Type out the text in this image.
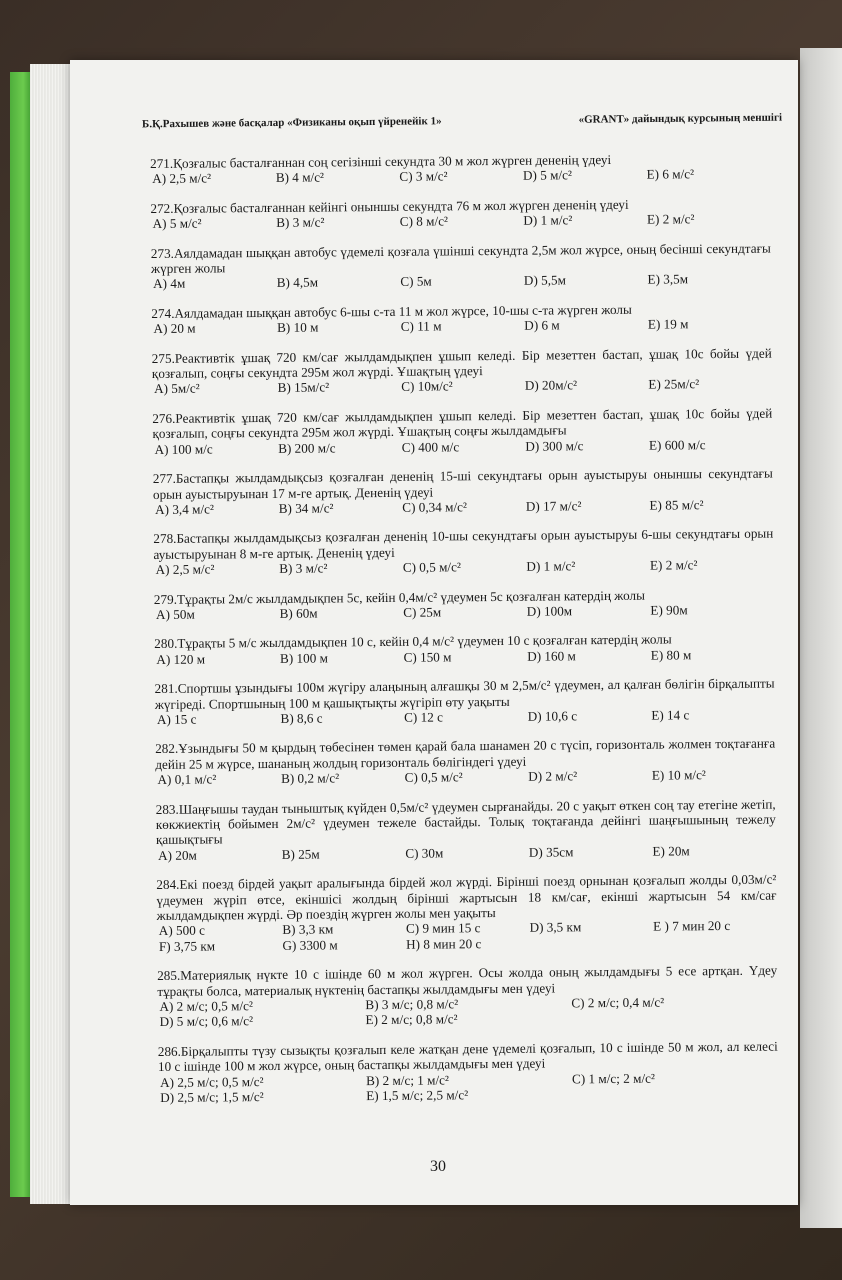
Б.Қ.Рахышев және басқалар «Физиканы оқып үйренейік 1»	«GRANT» дайындық курсының меншігі
271.Қозғалыс басталғаннан соң сегізінші секундта 30 м жол жүрген дененің үдеуі
A) 2,5 м/с²	B) 4 м/с²	C) 3 м/с²	D) 5 м/с²	E) 6 м/с²
272.Қозғалыс басталғаннан кейінгі оныншы секундта 76 м жол жүрген дененің үдеуі
A) 5 м/с²	B) 3 м/с²	C) 8 м/с²	D) 1 м/с²	E) 2 м/с²
273.Аялдамадан шыққан автобус үдемелі қозғала үшінші секундта 2,5м жол жүрсе, оның бесінші секундтағы жүрген жолы
A) 4м	B) 4,5м	C) 5м	D) 5,5м	E) 3,5м
274.Аялдамадан шыққан автобус 6-шы с-та 11 м жол жүрсе, 10-шы с-та жүрген жолы
A) 20 м	B) 10 м	C) 11 м	D) 6 м	E) 19 м
275.Реактивтік ұшақ 720 км/сағ жылдамдықпен ұшып келеді. Бір мезеттен бастап, ұшақ 10с бойы үдей қозғалып, соңғы секундта 295м жол жүрді. Ұшақтың үдеуі
A) 5м/с²	B) 15м/с²	C) 10м/с²	D) 20м/с²	E) 25м/с²
276.Реактивтік ұшақ 720 км/сағ жылдамдықпен ұшып келеді. Бір мезеттен бастап, ұшақ 10с бойы үдей қозғалып, соңғы секундта 295м жол жүрді. Ұшақтың соңғы жылдамдығы
A) 100 м/с	B) 200 м/с	C) 400 м/с	D) 300 м/с	E) 600 м/с
277.Бастапқы жылдамдықсыз қозғалған дененің 15-ші секундтағы орын ауыстыруы оныншы секундтағы орын ауыстыруынан 17 м-ге артық. Дененің үдеуі
A) 3,4 м/с²	B) 34 м/с²	C) 0,34 м/с²	D) 17 м/с²	E) 85 м/с²
278.Бастапқы жылдамдықсыз қозғалған дененің 10-шы секундтағы орын ауыстыруы 6-шы секундтағы орын ауыстыруынан 8 м-ге артық. Дененің үдеуі
A) 2,5 м/с²	B) 3 м/с²	C) 0,5 м/с²	D) 1 м/с²	E) 2 м/с²
279.Тұрақты 2м/с жылдамдықпен 5с, кейін 0,4м/с² үдеумен 5с қозғалған катердің жолы
A) 50м	B) 60м	C) 25м	D) 100м	E) 90м
280.Тұрақты 5 м/с жылдамдықпен 10 с, кейін 0,4 м/с² үдеумен 10 с қозғалған катердің жолы
A) 120 м	B) 100 м	C) 150 м	D) 160 м	E) 80 м
281.Спортшы ұзындығы 100м жүгіру алаңының алғашқы 30 м 2,5м/с² үдеумен, ал қалған бөлігін бірқалыпты жүгіреді. Спортшының 100 м қашықтықты жүгіріп өту уақыты
A) 15 с	B) 8,6 с	C) 12 с	D) 10,6 с	E) 14 с
282.Ұзындығы 50 м қырдың төбесінен төмен қарай бала шанамен 20 с түсіп, горизонталь жолмен тоқтағанға дейін 25 м жүрсе, шананың жолдың горизонталь бөлігіндегі үдеуі
A) 0,1 м/с²	B) 0,2 м/с²	C) 0,5 м/с²	D) 2 м/с²	E) 10 м/с²
283.Шаңғышы таудан тыныштық күйден 0,5м/с² үдеумен сырғанайды. 20 с уақыт өткен соң тау етегіне жетіп, көкжиектің бойымен 2м/с² үдеумен тежеле бастайды. Толық тоқтағанда дейінгі шаңғышының тежелу қашықтығы
A) 20м	B) 25м	C) 30м	D) 35см	E) 20м
284.Екі поезд бірдей уақыт аралығында бірдей жол жүрді. Бірінші поезд орнынан қозғалып жолды 0,03м/с² үдеумен жүріп өтсе, екіншісі жолдың бірінші жартысын 18 км/сағ, екінші жартысын 54 км/сағ жылдамдықпен жүрді. Әр поездің жүрген жолы мен уақыты
A) 500 с	B) 3,3 км	C) 9 мин 15 с	D) 3,5 км	E ) 7 мин 20 с
F) 3,75 км	G) 3300 м	H) 8 мин 20 с
285.Материялық нүкте 10 с ішінде 60 м жол жүрген. Осы жолда оның жылдамдығы 5 есе артқан. Үдеу тұрақты болса, материалық нүктенің бастапқы жылдамдығы мен үдеуі
A) 2 м/с; 0,5 м/с²	B) 3 м/с; 0,8 м/с²	C) 2 м/с; 0,4 м/с²
D) 5 м/с; 0,6 м/с²	E) 2 м/с; 0,8 м/с²
286.Бірқалыпты түзу сызықты қозғалып келе жатқан дене үдемелі қозғалып, 10 с ішінде 50 м жол, ал келесі 10 с ішінде 100 м жол жүрсе, оның бастапқы жылдамдығы мен үдеуі
A) 2,5 м/с; 0,5 м/с²	B) 2 м/с; 1 м/с²	C) 1 м/с; 2 м/с²
D) 2,5 м/с; 1,5 м/с²	E) 1,5 м/с; 2,5 м/с²
30
